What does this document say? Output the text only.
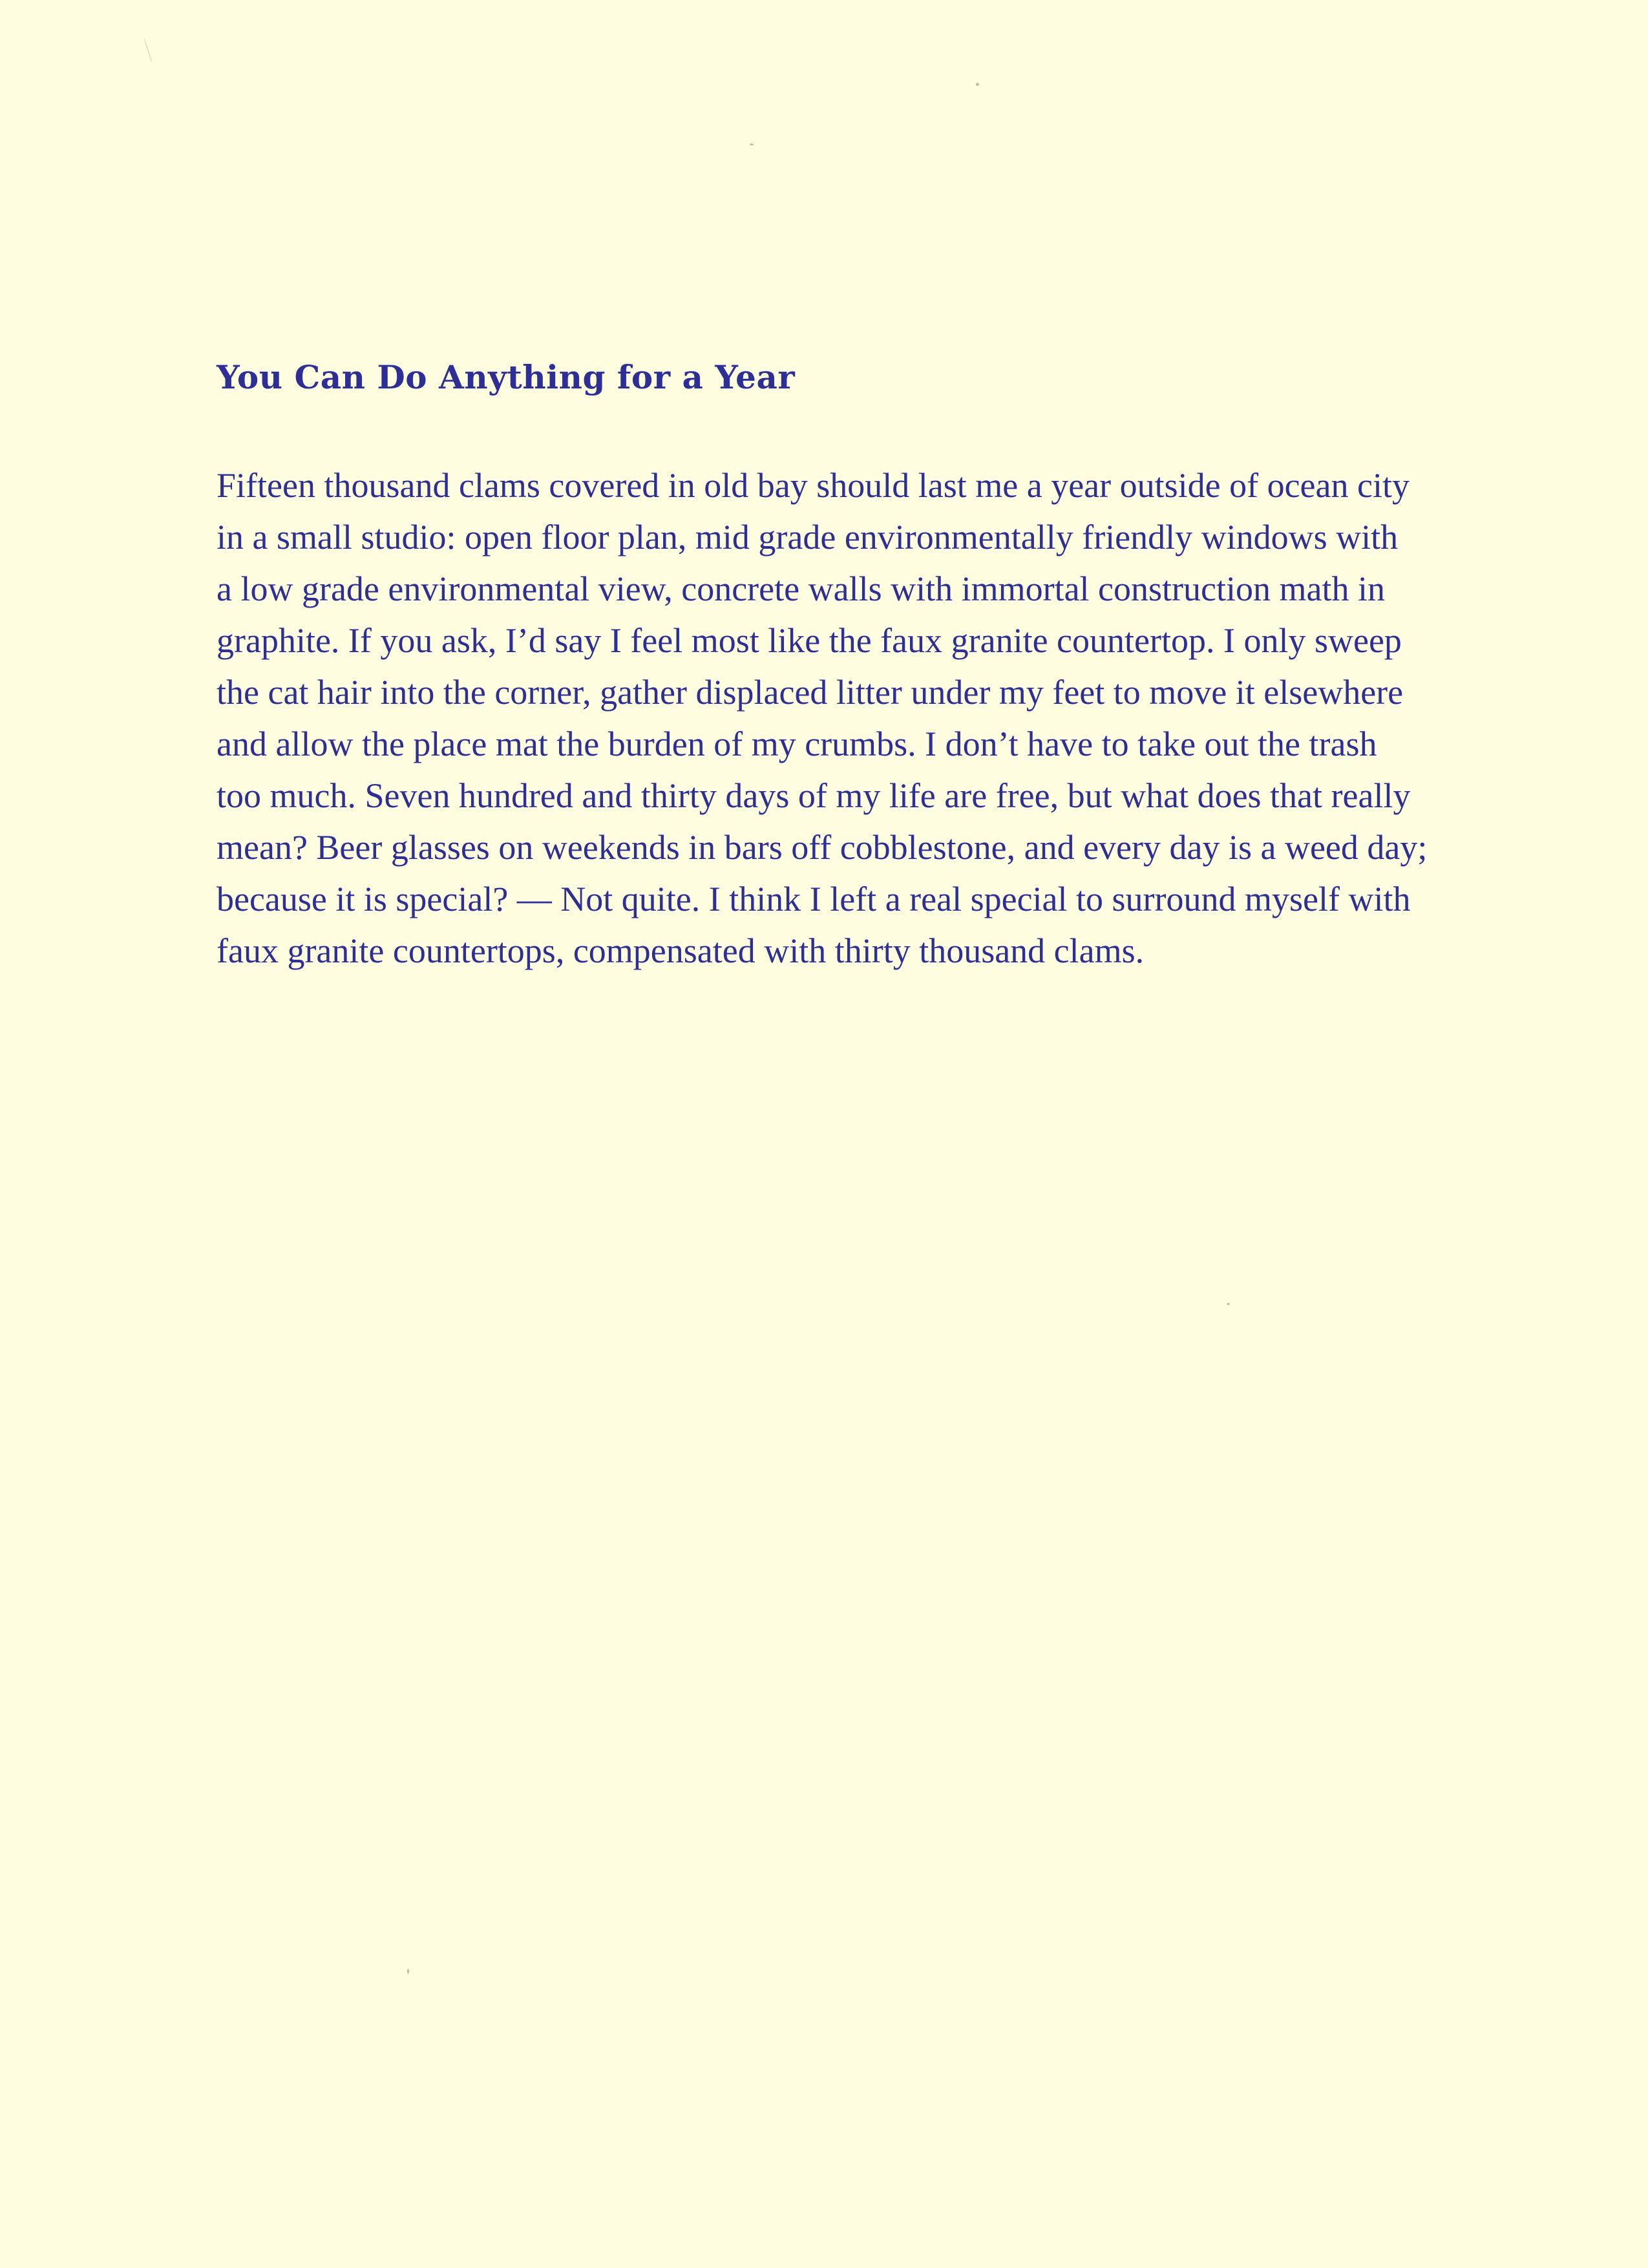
You Can Do Anything for a Year

Fifteen thousand clams covered in old bay should last me a year outside of ocean city
in a small studio: open floor plan, mid grade environmentally friendly windows with
a low grade environmental view, concrete walls with immortal construction math in
graphite. If you ask, I’d say I feel most like the faux granite countertop. I only sweep
the cat hair into the corner, gather displaced litter under my feet to move it elsewhere
and allow the place mat the burden of my crumbs. I don’t have to take out the trash
too much. Seven hundred and thirty days of my life are free, but what does that really
mean? Beer glasses on weekends in bars off cobblestone, and every day is a weed day;
because it is special? — Not quite. I think I left a real special to surround myself with
faux granite countertops, compensated with thirty thousand clams.
